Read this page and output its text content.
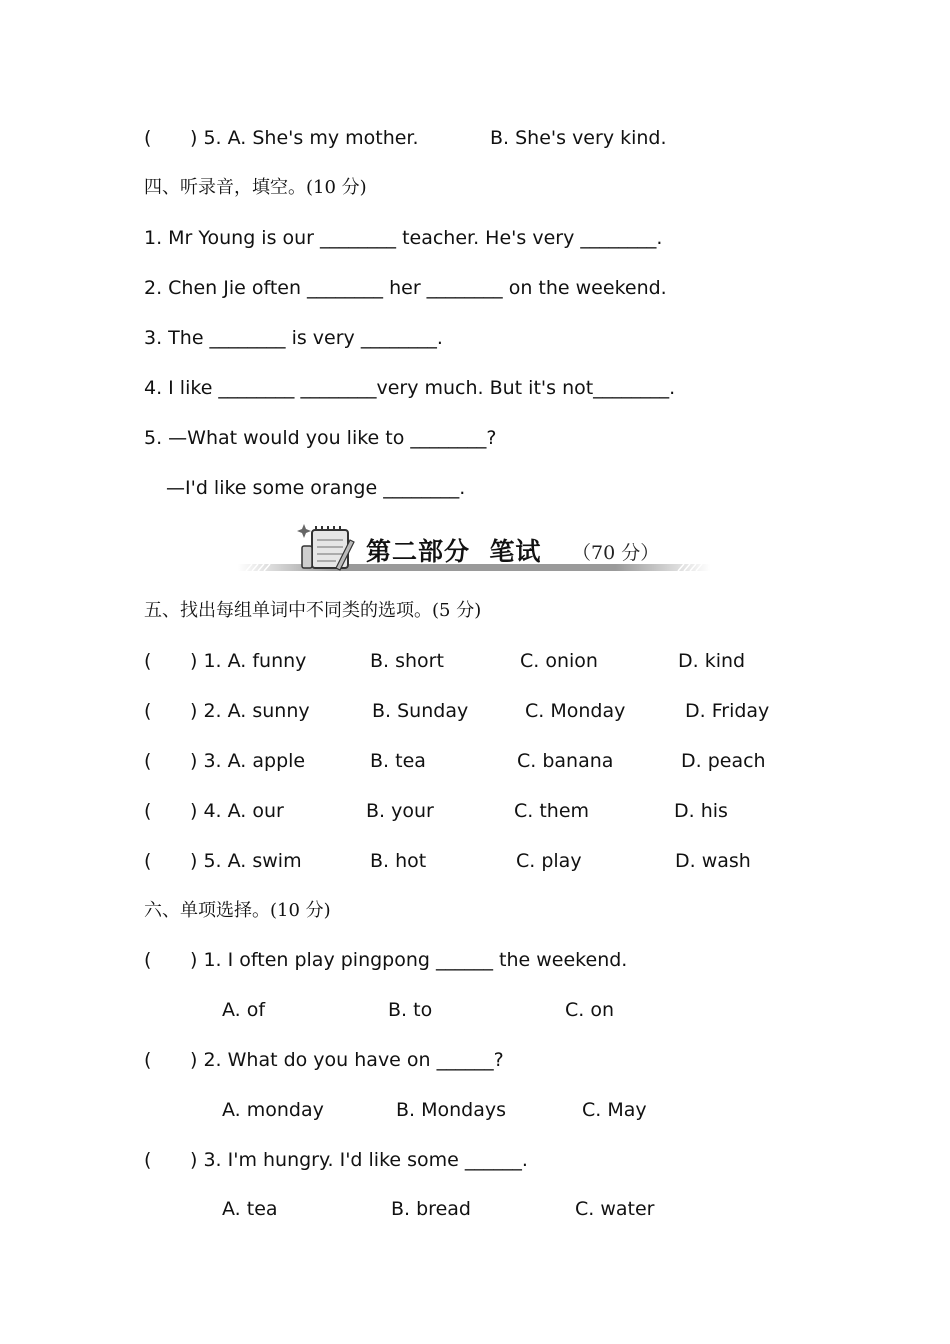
( ) 5. A. She's my mother.	B. She's very kind.
四、听录音，填空。(10 分)
1. Mr Young is our ________ teacher. He's very ________.
2. Chen Jie often ________ her ________ on the weekend.
3. The ________ is very ________.
4. I like ________ ________very much. But it's not________.
5. —What would you like to ________?
—I'd like some orange ________.
第二部分  笔试 （70 分）
五、找出每组单词中不同类的选项。(5 分)
( ) 1. A. funny	B. short	C. onion	D. kind
( ) 2. A. sunny	B. Sunday	C. Monday	D. Friday
( ) 3. A. apple	B. tea	C. banana	D. peach
( ) 4. A. our	B. your	C. them	D. his
( ) 5. A. swim	B. hot	C. play	D. wash
六、单项选择。(10 分)
( ) 1. I often play pingpong ______ the weekend.
A. of	B. to	C. on
( ) 2. What do you have on ______?
A. monday	B. Mondays	C. May
( ) 3. I'm hungry. I'd like some ______.
A. tea	B. bread	C. water
